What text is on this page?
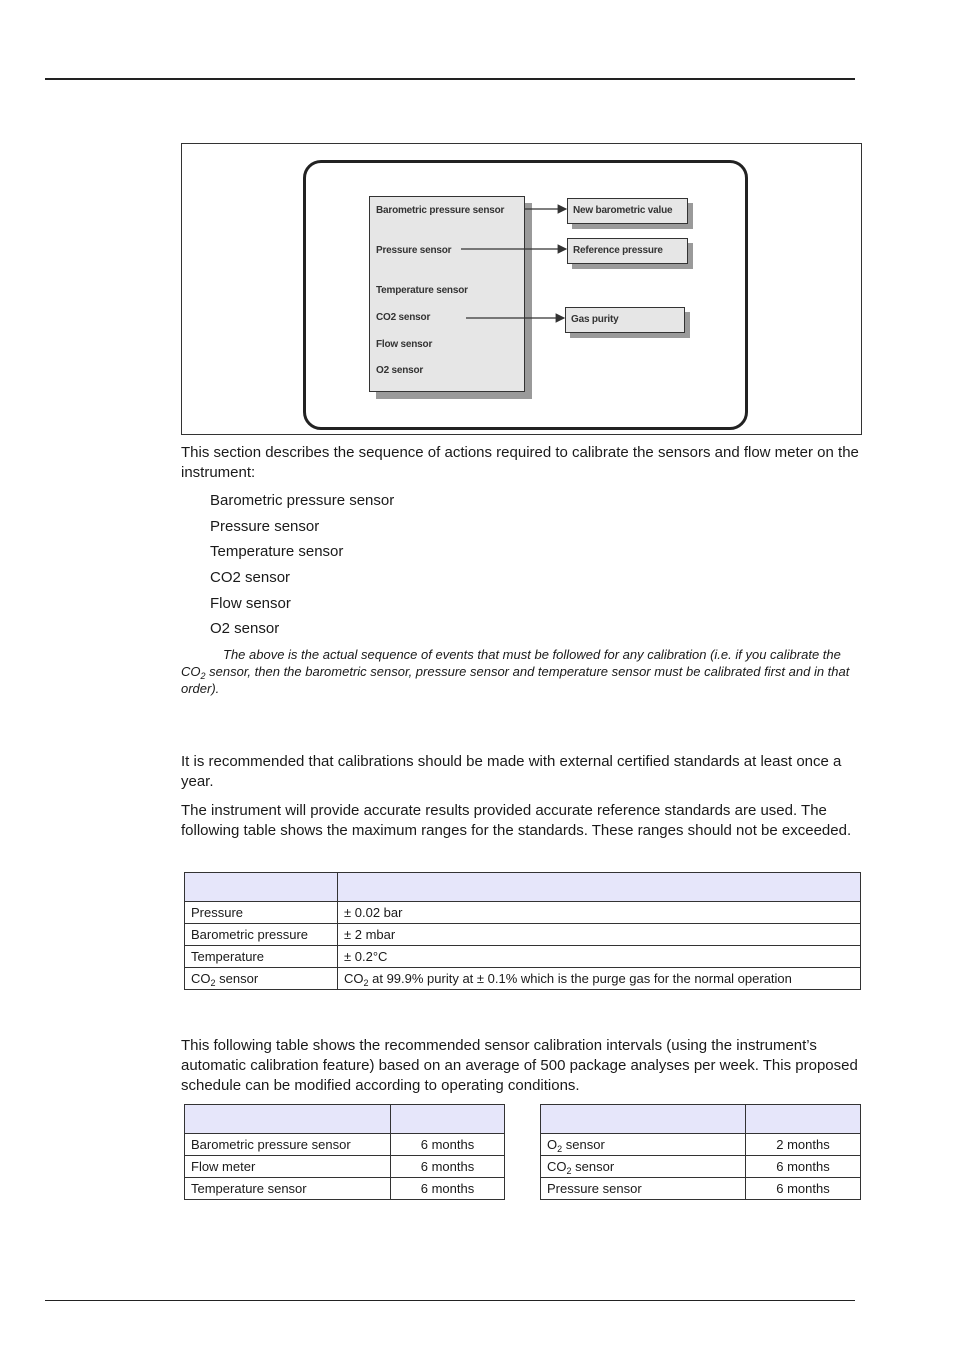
Barometric pressure sensor
Pressure sensor
Temperature sensor
CO2 sensor
Flow sensor
O2 sensor
New barometric value
Reference pressure
Gas purity

This section describes the sequence of actions required to calibrate the sensors and flow meter on the instrument:

Barometric pressure sensor
Pressure sensor
Temperature sensor
CO2 sensor
Flow sensor
O2 sensor

The above is the actual sequence of events that must be followed for any calibration (i.e. if you calibrate the $CO_2$ sensor, then the barometric sensor, pressure sensor and temperature sensor must be calibrated first and in that order).

It is recommended that calibrations should be made with external certified standards at least once a year.

The instrument will provide accurate results provided accurate reference standards are used. The following table shows the maximum ranges for the standards. These ranges should not be exceeded.

Pressure	± 0.02 bar
Barometric pressure	± 2 mbar
Temperature	± 0.2°C
$CO_2$ sensor	$CO_2$ at 99.9% purity at ± 0.1% which is the purge gas for the normal operation

This following table shows the recommended sensor calibration intervals (using the instrument’s automatic calibration feature) based on an average of 500 package analyses per week. This proposed schedule can be modified according to operating conditions.

Barometric pressure sensor	6 months
Flow meter	6 months
Temperature sensor	6 months

$O_2$ sensor	2 months
$CO_2$ sensor	6 months
Pressure sensor	6 months
